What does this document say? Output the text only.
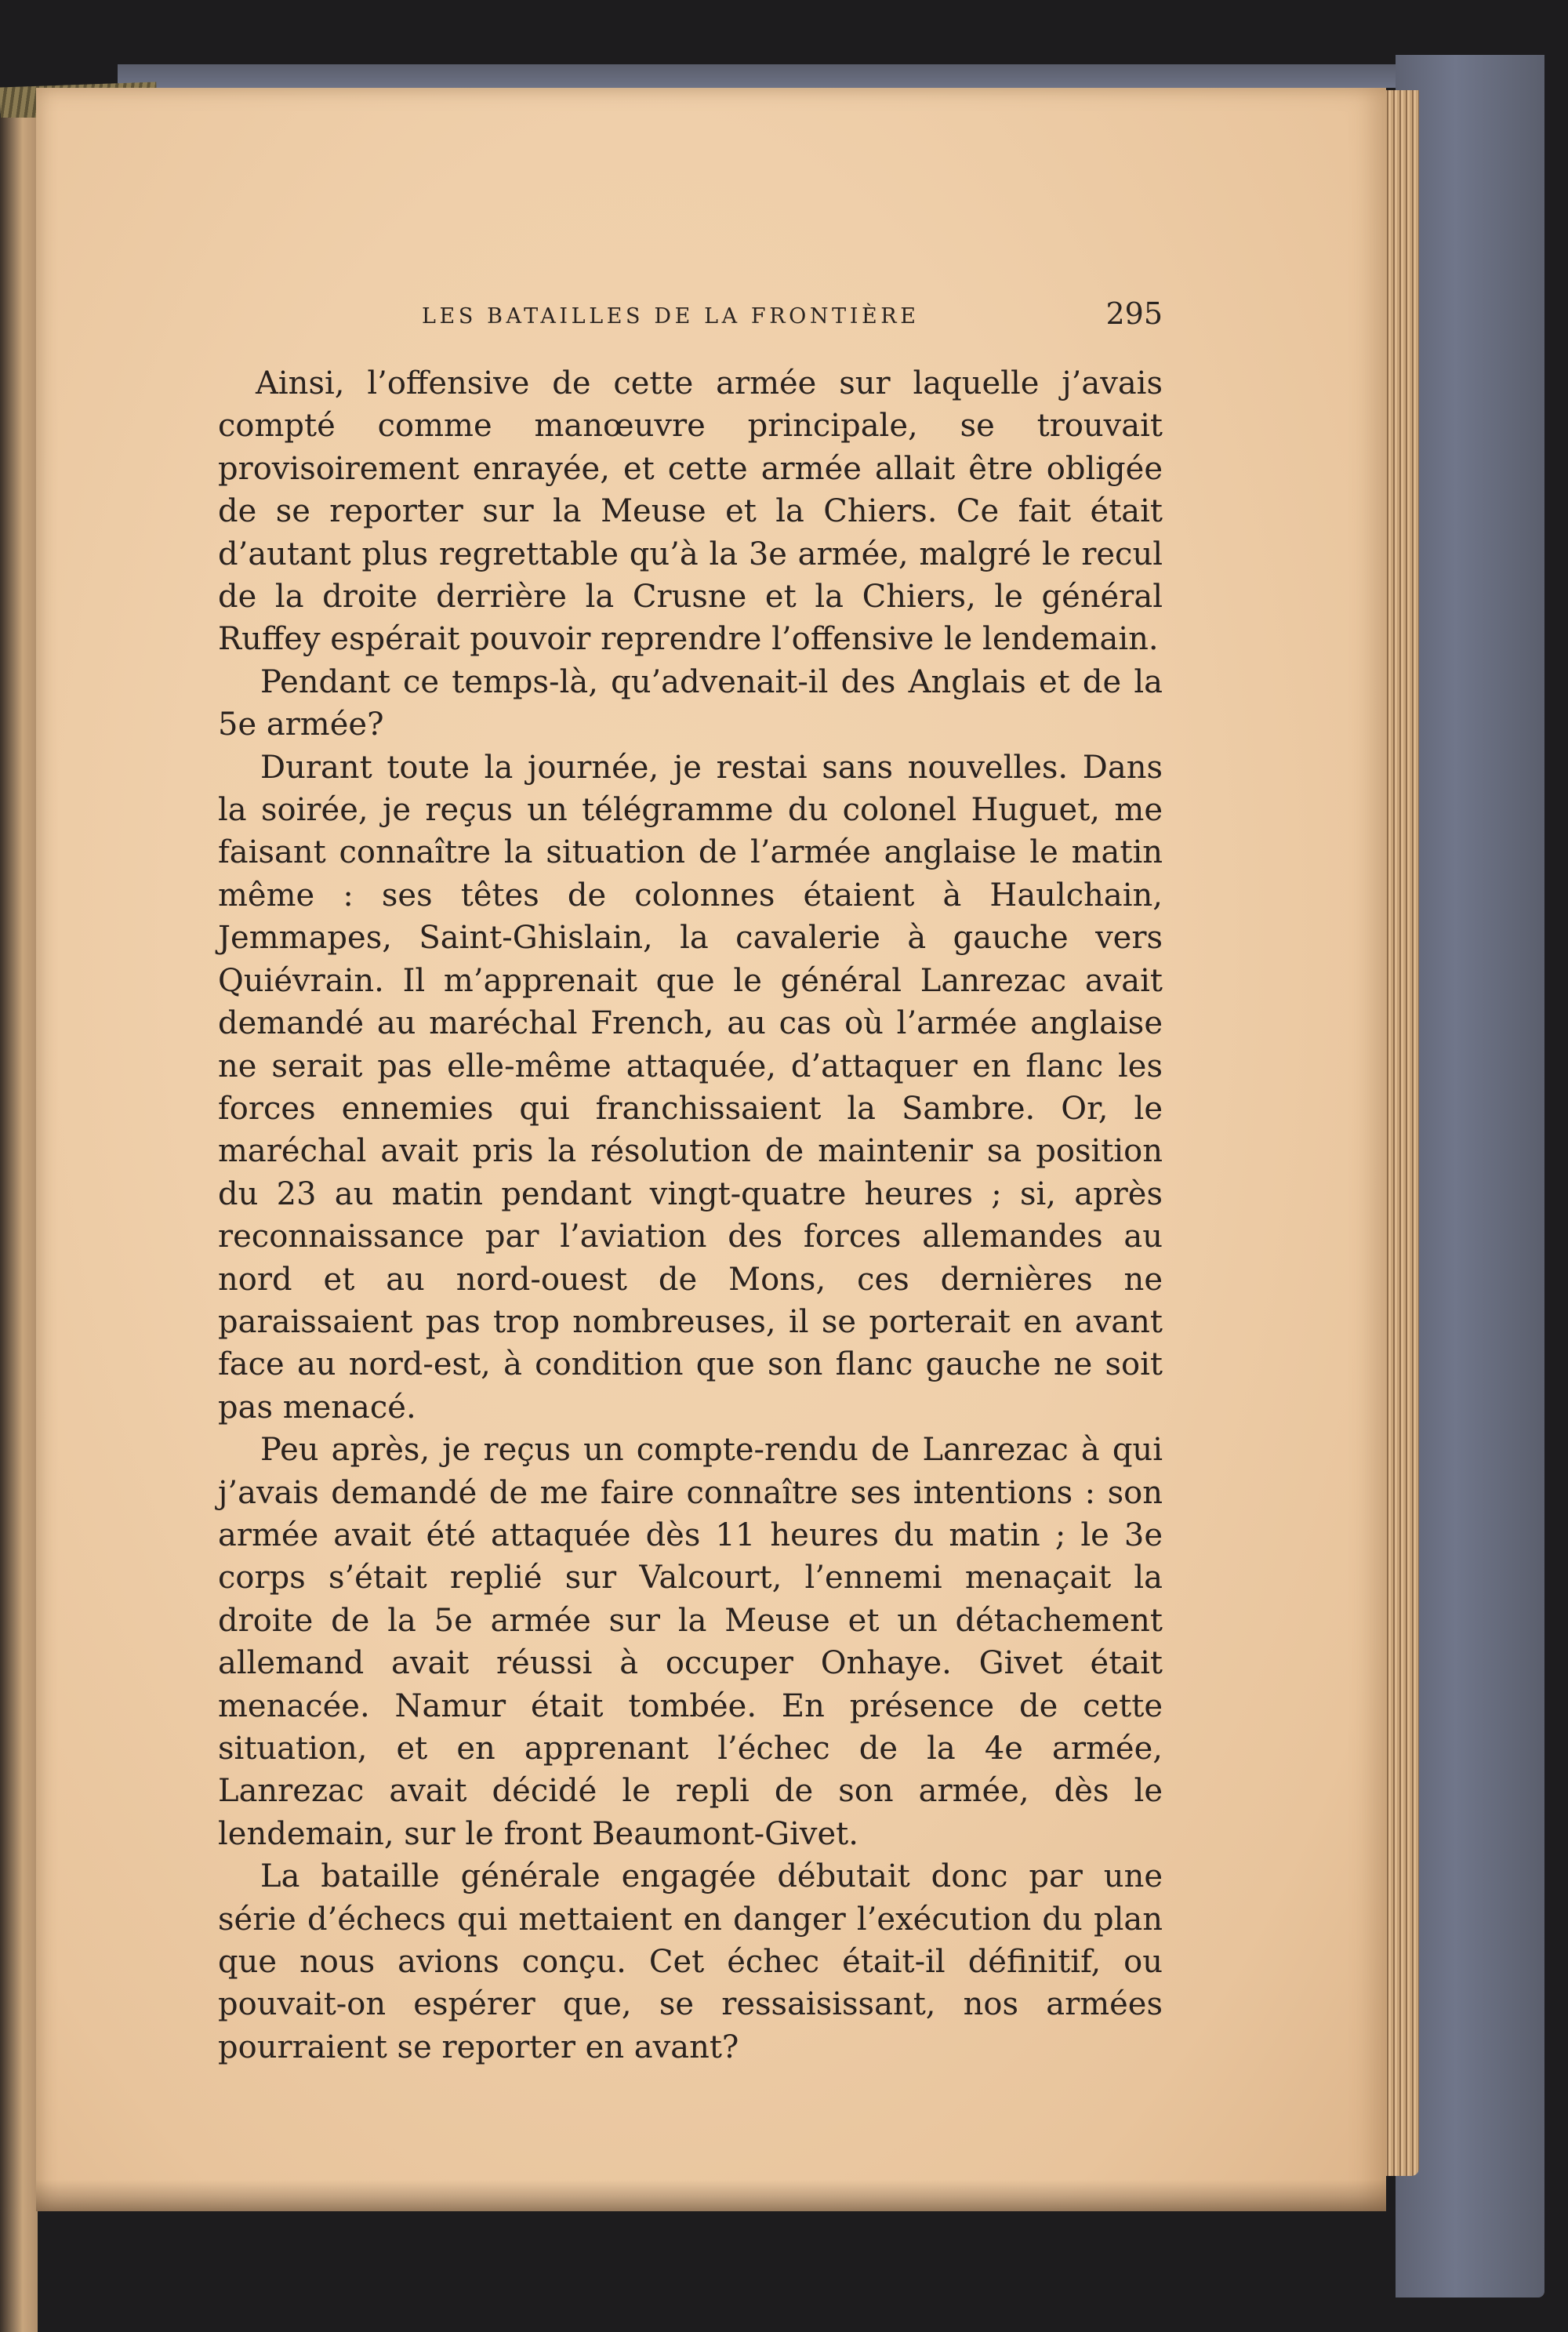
LES BATAILLES DE LA FRONTIÈRE	295

Ainsi, l’offensive de cette armée sur laquelle j’avais compté comme manœuvre principale, se trouvait provisoirement enrayée, et cette armée allait être obligée de se reporter sur la Meuse et la Chiers. Ce fait était d’autant plus regrettable qu’à la 3e armée, malgré le recul de la droite derrière la Crusne et la Chiers, le général Ruffey espérait pouvoir reprendre l’offensive le lendemain.

Pendant ce temps-là, qu’advenait-il des Anglais et de la 5e armée?

Durant toute la journée, je restai sans nouvelles. Dans la soirée, je reçus un télégramme du colonel Huguet, me faisant connaître la situation de l’armée anglaise le matin même : ses têtes de colonnes étaient à Haulchain, Jemmapes, Saint-Ghislain, la cavalerie à gauche vers Quiévrain. Il m’apprenait que le général Lanrezac avait demandé au maréchal French, au cas où l’armée anglaise ne serait pas elle-même attaquée, d’attaquer en flanc les forces ennemies qui franchissaient la Sambre. Or, le maréchal avait pris la résolution de maintenir sa position du 23 au matin pendant vingt-quatre heures ; si, après reconnaissance par l’aviation des forces allemandes au nord et au nord-ouest de Mons, ces dernières ne paraissaient pas trop nombreuses, il se porterait en avant face au nord-est, à condition que son flanc gauche ne soit pas menacé.

Peu après, je reçus un compte-rendu de Lanrezac à qui j’avais demandé de me faire connaître ses intentions : son armée avait été attaquée dès 11 heures du matin ; le 3e corps s’était replié sur Valcourt, l’ennemi menaçait la droite de la 5e armée sur la Meuse et un détachement allemand avait réussi à occuper Onhaye. Givet était menacée. Namur était tombée. En présence de cette situation, et en apprenant l’échec de la 4e armée, Lanrezac avait décidé le repli de son armée, dès le lendemain, sur le front Beaumont-Givet.

La bataille générale engagée débutait donc par une série d’échecs qui mettaient en danger l’exécution du plan que nous avions conçu. Cet échec était-il définitif, ou pouvait-on espérer que, se ressaisissant, nos armées pourraient se reporter en avant?
